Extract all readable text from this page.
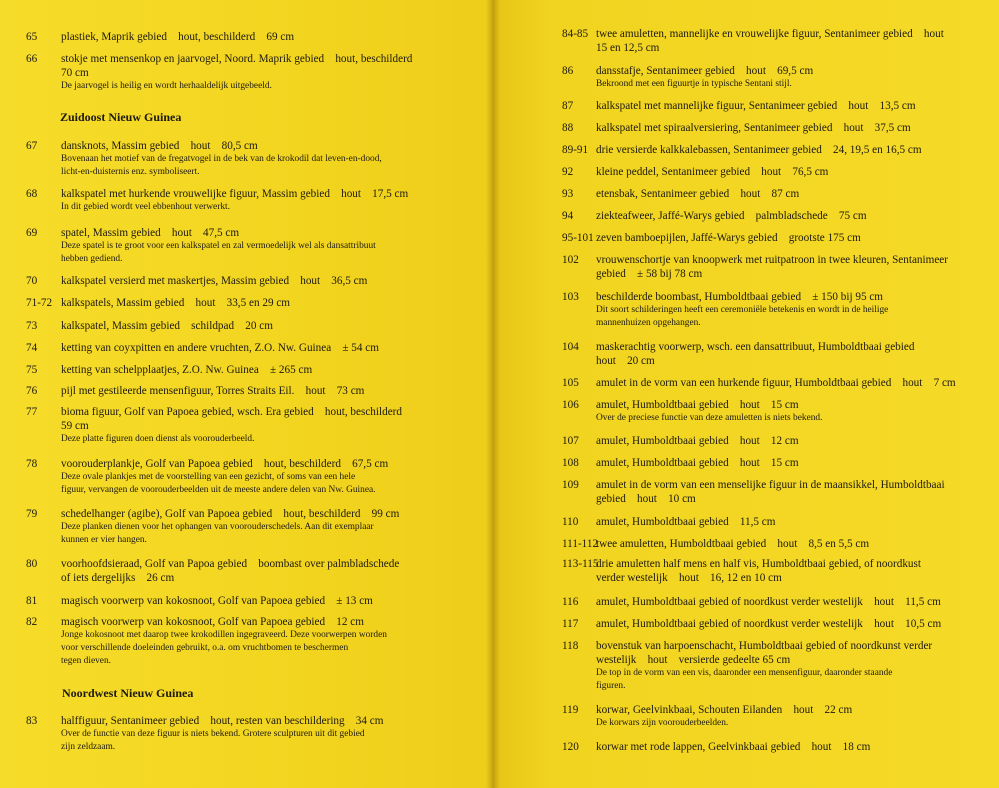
65 plastiek, Maprik gebied    hout, beschilderd    69 cm
66 stokje met mensenkop en jaarvogel, Noord. Maprik gebied    hout, beschilderd
70 cm
De jaarvogel is heilig en wordt herhaaldelijk uitgebeeld.
67 dansknots, Massim gebied    hout    80,5 cm
Bovenaan het motief van de fregatvogel in de bek van de krokodil dat leven-en-dood,
licht-en-duisternis enz. symboliseert.
68 kalkspatel met hurkende vrouwelijke figuur, Massim gebied    hout    17,5 cm
In dit gebied wordt veel ebbenhout verwerkt.
69 spatel, Massim gebied    hout    47,5 cm
Deze spatel is te groot voor een kalkspatel en zal vermoedelijk wel als dansattribuut
hebben gediend.
70 kalkspatel versierd met maskertjes, Massim gebied    hout    36,5 cm
71-72 kalkspatels, Massim gebied    hout    33,5 en 29 cm
73 kalkspatel, Massim gebied    schildpad    20 cm
74 ketting van coyxpitten en andere vruchten, Z.O. Nw. Guinea    ± 54 cm
75 ketting van schelpplaatjes, Z.O. Nw. Guinea    ± 265 cm
76 pijl met gestileerde mensenfiguur, Torres Straits Eil.    hout    73 cm
77 bioma figuur, Golf van Papoea gebied, wsch. Era gebied    hout, beschilderd
59 cm
Deze platte figuren doen dienst als voorouderbeeld.
78 voorouderplankje, Golf van Papoea gebied    hout, beschilderd    67,5 cm
Deze ovale plankjes met de voorstelling van een gezicht, of soms van een hele
figuur, vervangen de voorouderbeelden uit de meeste andere delen van Nw. Guinea.
79 schedelhanger (agibe), Golf van Papoea gebied    hout, beschilderd    99 cm
Deze planken dienen voor het ophangen van voorouderschedels. Aan dit exemplaar
kunnen er vier hangen.
80 voorhoofdsieraad, Golf van Papoa gebied    boombast over palmbladschede
of iets dergelijks    26 cm
81 magisch voorwerp van kokosnoot, Golf van Papoea gebied    ± 13 cm
82 magisch voorwerp van kokosnoot, Golf van Papoea gebied    12 cm
Jonge kokosnoot met daarop twee krokodillen ingegraveerd. Deze voorwerpen worden
voor verschillende doeleinden gebruikt, o.a. om vruchtbomen te beschermen
tegen dieven.
83 halffiguur, Sentanimeer gebied    hout, resten van beschildering    34 cm
Over de functie van deze figuur is niets bekend. Grotere sculpturen uit dit gebied
zijn zeldzaam.
Zuidoost Nieuw Guinea
Noordwest Nieuw Guinea
84-85 twee amuletten, mannelijke en vrouwelijke figuur, Sentanimeer gebied    hout
15 en 12,5 cm
86 dansstafje, Sentanimeer gebied    hout    69,5 cm
Bekroond met een figuurtje in typische Sentani stijl.
87 kalkspatel met mannelijke figuur, Sentanimeer gebied    hout    13,5 cm
88 kalkspatel met spiraalversiering, Sentanimeer gebied    hout    37,5 cm
89-91 drie versierde kalkkalebassen, Sentanimeer gebied    24, 19,5 en 16,5 cm
92 kleine peddel, Sentanimeer gebied    hout    76,5 cm
93 etensbak, Sentanimeer gebied    hout    87 cm
94 ziekteafweer, Jaffé-Warys gebied    palmbladschede    75 cm
95-101 zeven bamboepijlen, Jaffé-Warys gebied    grootste 175 cm
102 vrouwenschortje van knoopwerk met ruitpatroon in twee kleuren, Sentanimeer
gebied    ± 58 bij 78 cm
103 beschilderde boombast, Humboldtbaai gebied    ± 150 bij 95 cm
Dit soort schilderingen heeft een ceremoniële betekenis en wordt in de heilige
mannenhuizen opgehangen.
104 maskerachtig voorwerp, wsch. een dansattribuut, Humboldtbaai gebied
hout    20 cm
105 amulet in de vorm van een hurkende figuur, Humboldtbaai gebied    hout    7 cm
106 amulet, Humboldtbaai gebied    hout    15 cm
Over de preciese functie van deze amuletten is niets bekend.
107 amulet, Humboldtbaai gebied    hout    12 cm
108 amulet, Humboldtbaai gebied    hout    15 cm
109 amulet in de vorm van een menselijke figuur in de maansikkel, Humboldtbaai
gebied    hout    10 cm
110 amulet, Humboldtbaai gebied    11,5 cm
111-112
twee amuletten, Humboldtbaai gebied    hout    8,5 en 5,5 cm
113-115
drie amuletten half mens en half vis, Humboldtbaai gebied, of noordkust
verder westelijk    hout    16, 12 en 10 cm
116 amulet, Humboldtbaai gebied of noordkust verder westelijk    hout    11,5 cm
117 amulet, Humboldtbaai gebied of noordkust verder westelijk    hout    10,5 cm
118 bovenstuk van harpoenschacht, Humboldtbaai gebied of noordkunst verder
westelijk    hout    versierde gedeelte 65 cm
De top in de vorm van een vis, daaronder een mensenfiguur, daaronder staande
figuren.
119 korwar, Geelvinkbaai, Schouten Eilanden    hout    22 cm
De korwars zijn voorouderbeelden.
120 korwar met rode lappen, Geelvinkbaai gebied    hout    18 cm
